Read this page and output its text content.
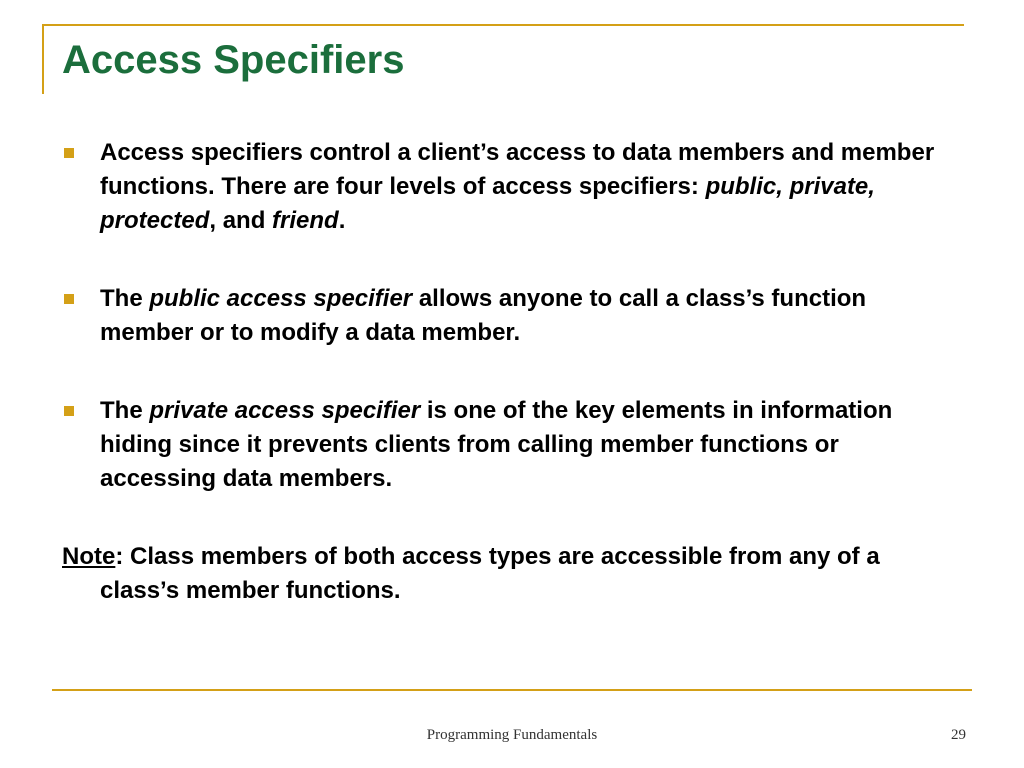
Access Specifiers
Access specifiers control a client’s access to data members and member functions. There are four levels of access specifiers: public, private, protected, and friend.
The public access specifier allows anyone to call a class’s function member or to modify a data member.
The private access specifier is one of the key elements in information hiding since it prevents clients from calling member functions or accessing data members.
Note: Class members of both access types are accessible from any of a class’s member functions.
Programming Fundamentals	29
